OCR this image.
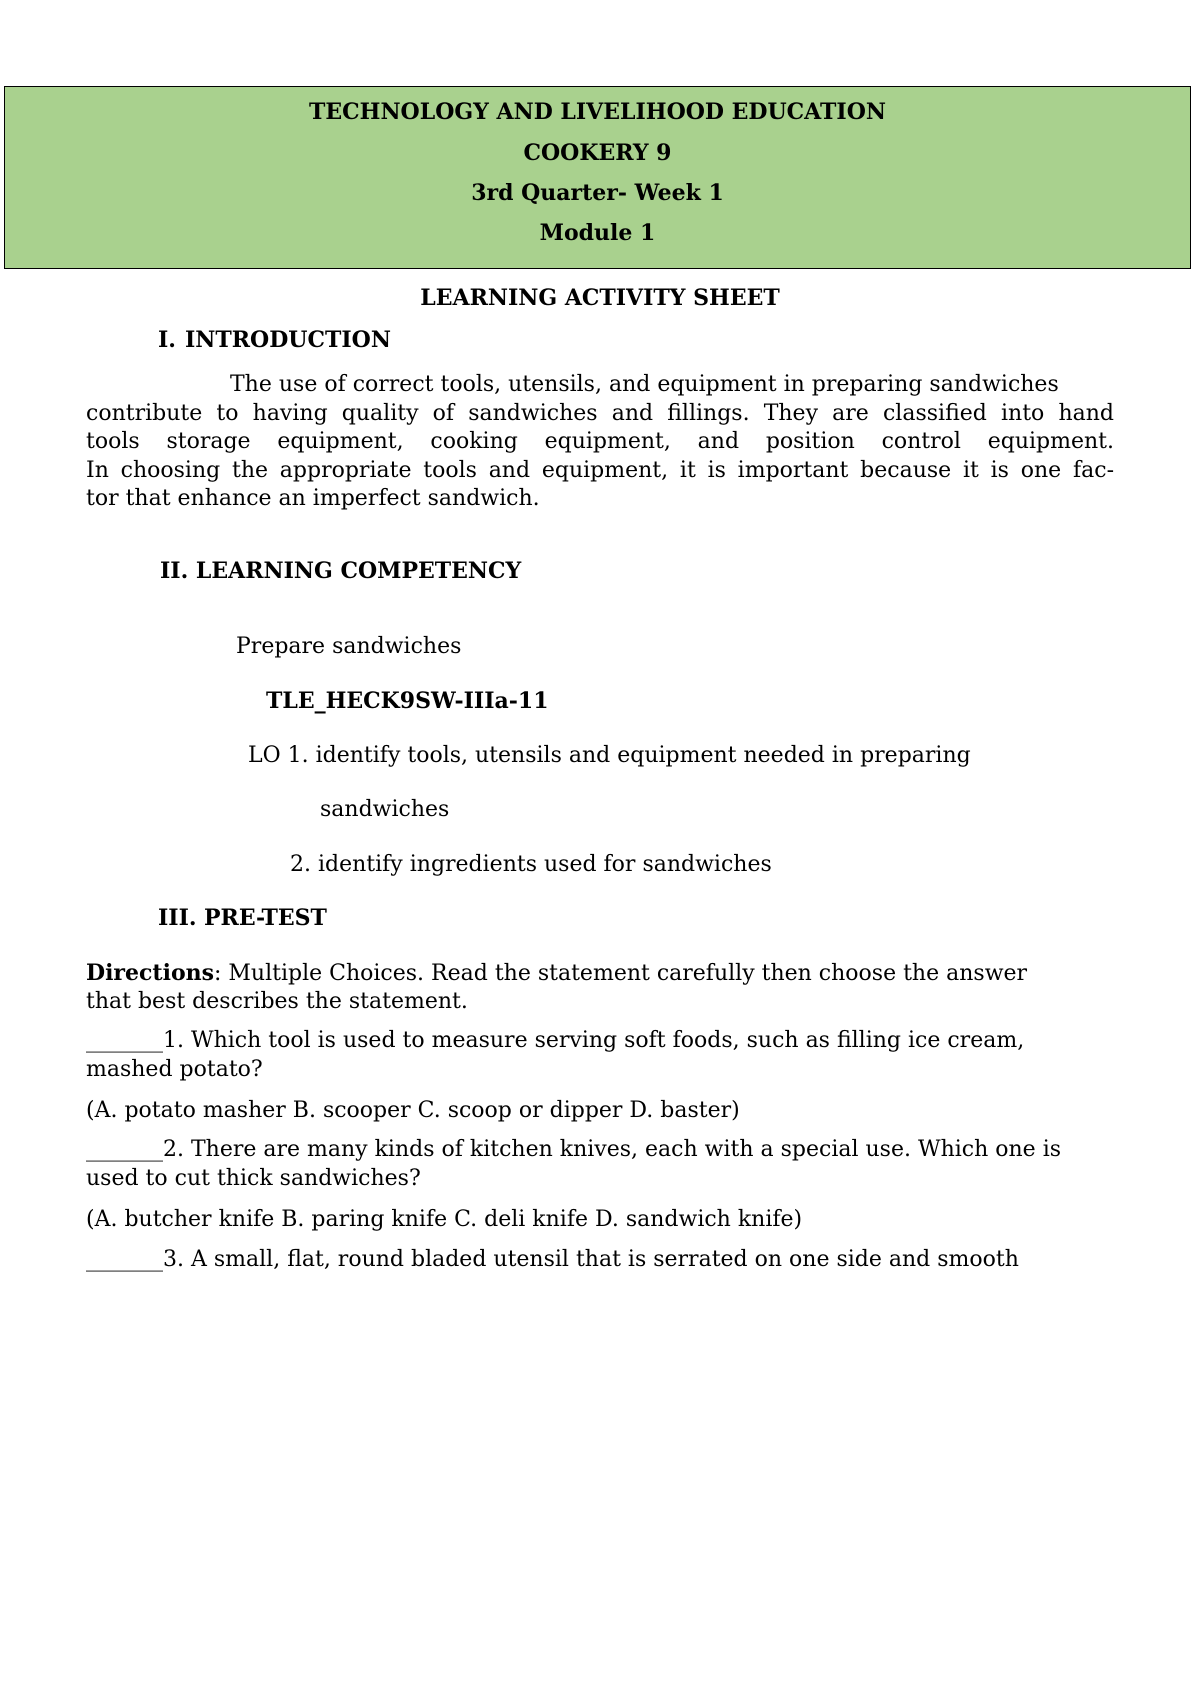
TECHNOLOGY AND LIVELIHOOD EDUCATION
COOKERY 9
3rd Quarter- Week 1
Module 1
LEARNING ACTIVITY SHEET
I. INTRODUCTION
The use of correct tools, utensils, and equipment in preparing sandwiches
contribute to having quality of sandwiches and fillings. They are classified into hand
tools storage equipment, cooking equipment, and position control equipment.
In choosing the appropriate tools and equipment, it is important because it is one fac-
tor that enhance an imperfect sandwich.
II. LEARNING COMPETENCY
Prepare sandwiches
TLE_HECK9SW-IIIa-11
LO 1. identify tools, utensils and equipment needed in preparing
sandwiches
2. identify ingredients used for sandwiches
III. PRE-TEST
Directions: Multiple Choices. Read the statement carefully then choose the answer
that best describes the statement.
_______1. Which tool is used to measure serving soft foods, such as filling ice cream,
mashed potato?
(A. potato masher B. scooper C. scoop or dipper D. baster)
_______2. There are many kinds of kitchen knives, each with a special use. Which one is
used to cut thick sandwiches?
(A. butcher knife B. paring knife C. deli knife D. sandwich knife)
_______3. A small, flat, round bladed utensil that is serrated on one side and smooth
